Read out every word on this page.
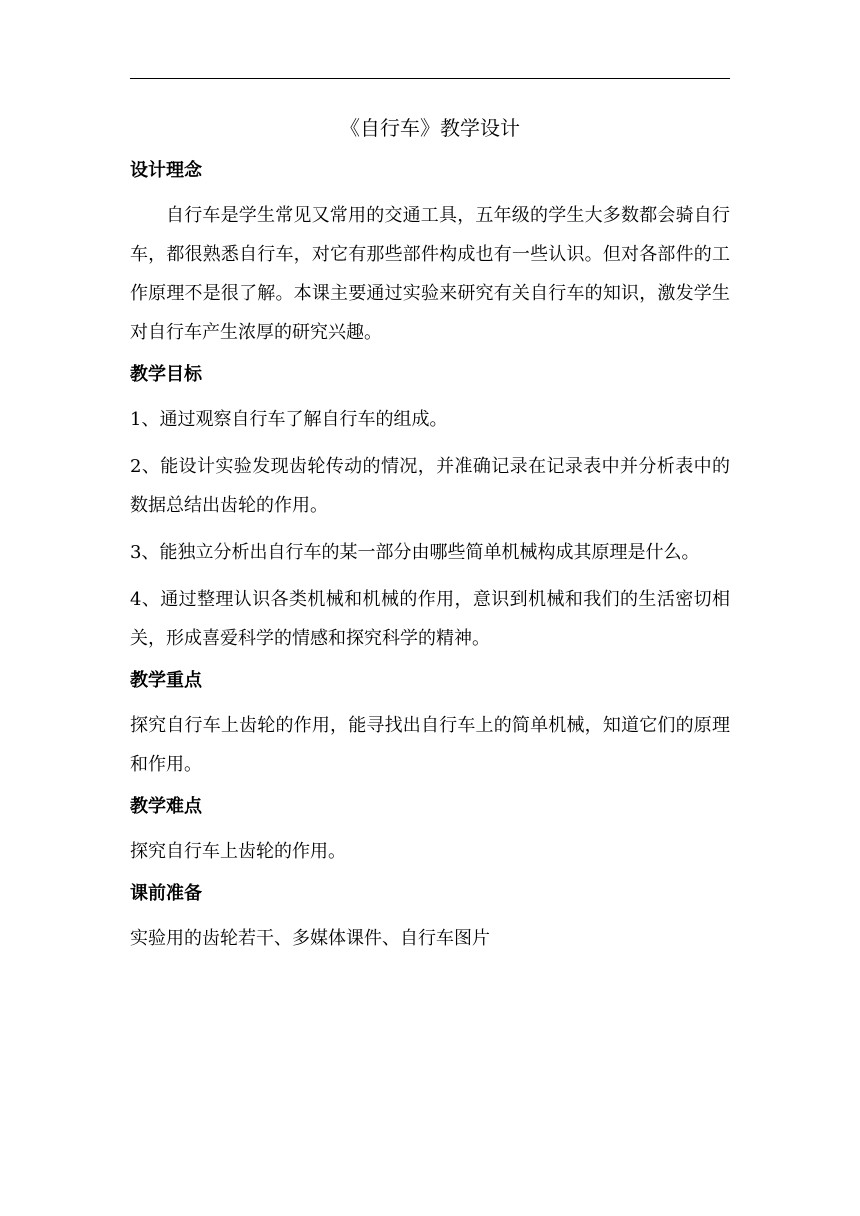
《自行车》教学设计
设计理念

自行车是学生常见又常用的交通工具，五年级的学生大多数都会骑自行车，都很熟悉自行车，对它有那些部件构成也有一些认识。但对各部件的工作原理不是很了解。本课主要通过实验来研究有关自行车的知识，激发学生对自行车产生浓厚的研究兴趣。

教学目标

1、通过观察自行车了解自行车的组成。

2、能设计实验发现齿轮传动的情况，并准确记录在记录表中并分析表中的数据总结出齿轮的作用。

3、能独立分析出自行车的某一部分由哪些简单机械构成其原理是什么。

4、通过整理认识各类机械和机械的作用，意识到机械和我们的生活密切相关，形成喜爱科学的情感和探究科学的精神。

教学重点

探究自行车上齿轮的作用，能寻找出自行车上的简单机械，知道它们的原理和作用。

教学难点

探究自行车上齿轮的作用。

课前准备

实验用的齿轮若干、多媒体课件、自行车图片
